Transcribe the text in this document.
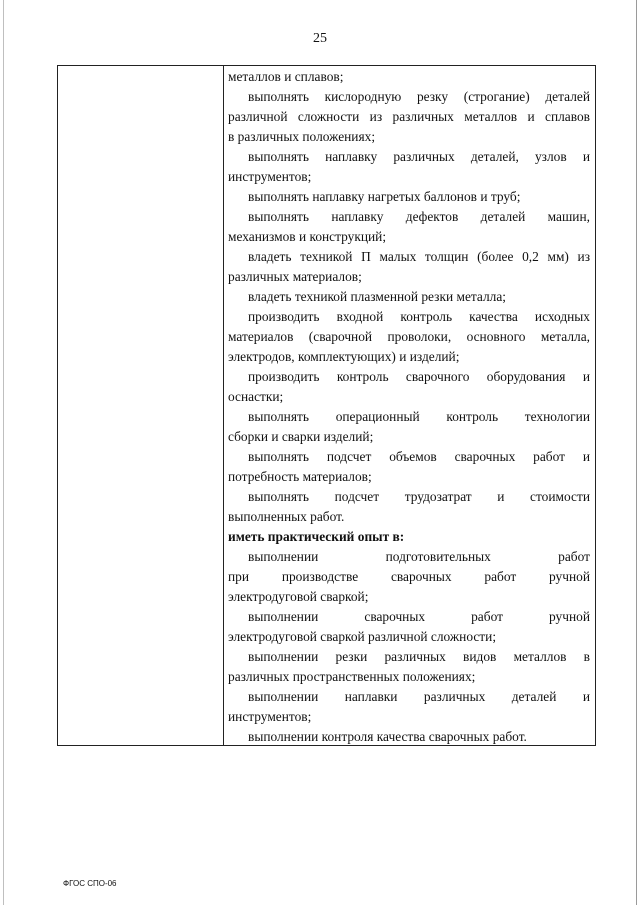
25
металлов и сплавов;
выполнять кислородную резку (строгание) деталей
различной сложности из различных металлов и сплавов
в различных положениях;
выполнять наплавку различных деталей, узлов и
инструментов;
выполнять наплавку нагретых баллонов и труб;
выполнять наплавку дефектов деталей машин,
механизмов и конструкций;
владеть техникой П малых толщин (более 0,2 мм) из
различных материалов;
владеть техникой плазменной резки металла;
производить входной контроль качества исходных
материалов (сварочной проволоки, основного металла,
электродов, комплектующих) и изделий;
производить контроль сварочного оборудования и
оснастки;
выполнять операционный контроль технологии
сборки и сварки изделий;
выполнять подсчет объемов сварочных работ и
потребность материалов;
выполнять подсчет трудозатрат и стоимости
выполненных работ.
иметь практический опыт в:
выполнении подготовительных работ
при производстве сварочных работ ручной
электродуговой сваркой;
выполнении сварочных работ ручной
электродуговой сваркой различной сложности;
выполнении резки различных видов металлов в
различных пространственных положениях;
выполнении наплавки различных деталей и
инструментов;
выполнении контроля качества сварочных работ.
ФГОС СПО-06
